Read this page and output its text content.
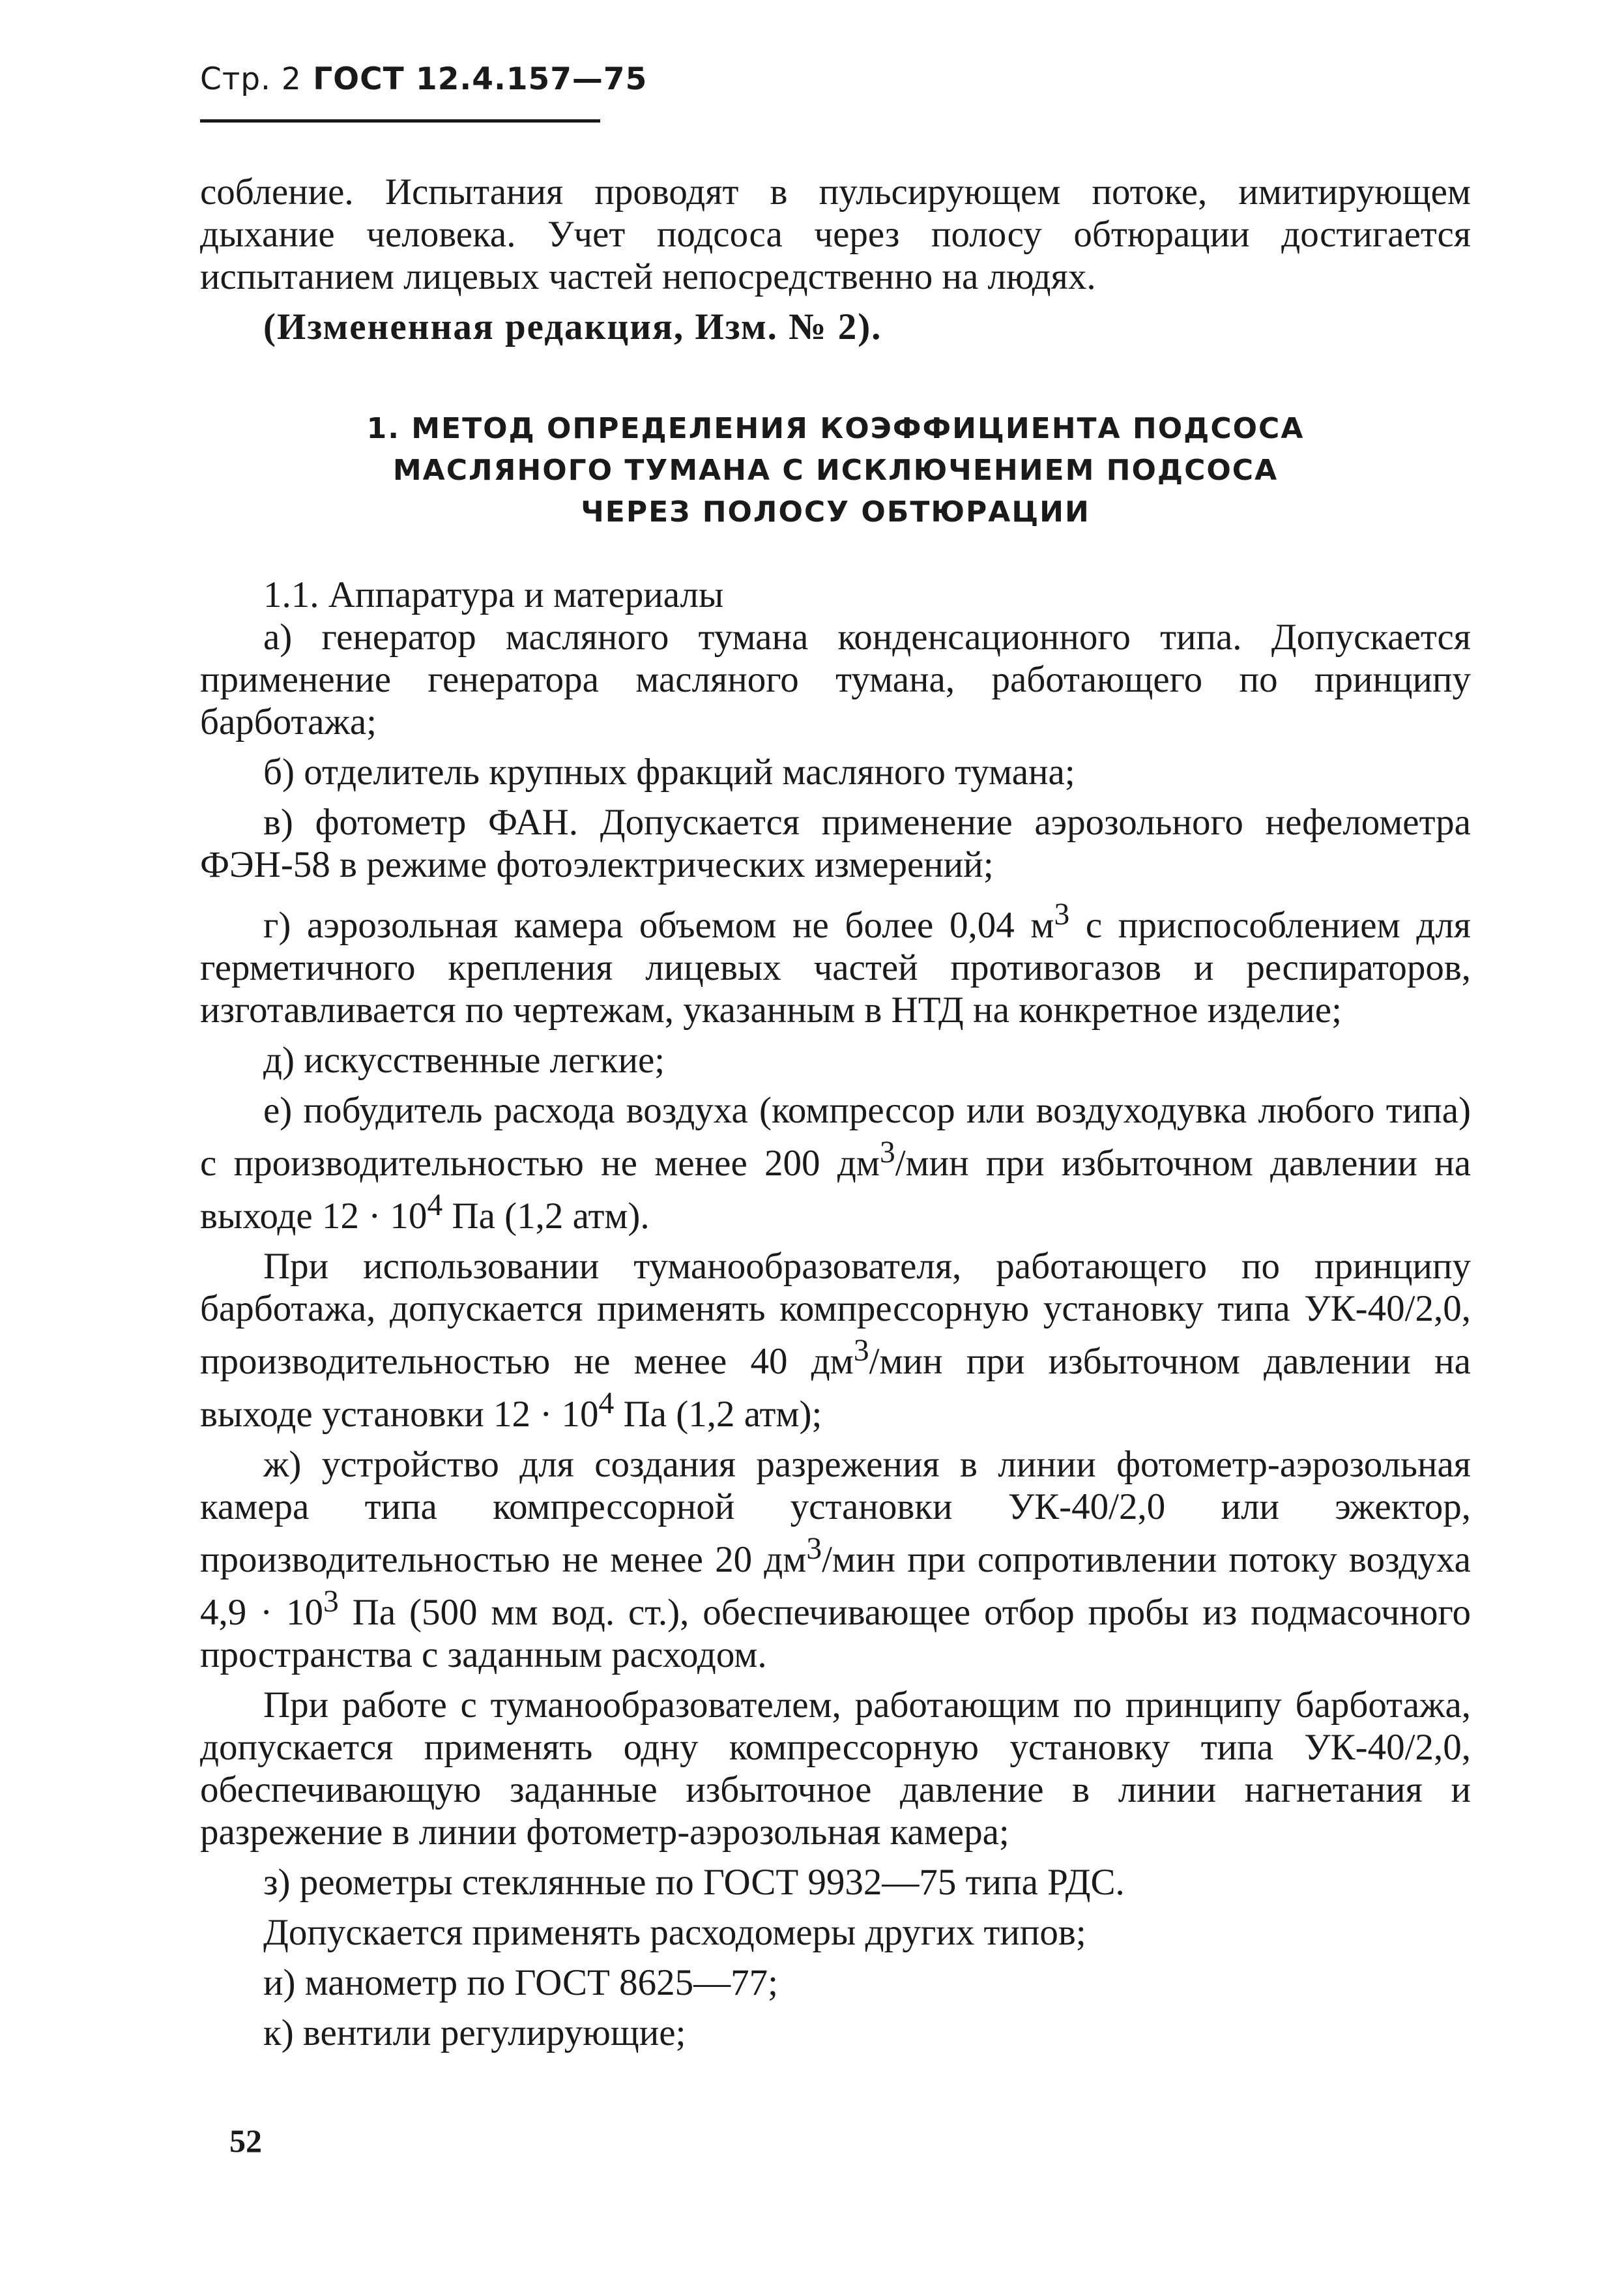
Стр. 2 ГОСТ 12.4.157—75

собление. Испытания проводят в пульсирующем потоке, имитирующем дыхание человека. Учет подсоса через полосу обтюрации достигается испытанием лицевых частей непосредственно на людях.

(Измененная редакция, Изм. № 2).

1. МЕТОД ОПРЕДЕЛЕНИЯ КОЭФФИЦИЕНТА ПОДСОСА
МАСЛЯНОГО ТУМАНА С ИСКЛЮЧЕНИЕМ ПОДСОСА
ЧЕРЕЗ ПОЛОСУ ОБТЮРАЦИИ

1.1. Аппаратура и материалы

а) генератор масляного тумана конденсационного типа. Допускается применение генератора масляного тумана, работающего по принципу барботажа;

б) отделитель крупных фракций масляного тумана;

в) фотометр ФАН. Допускается применение аэрозольного нефелометра ФЭН-58 в режиме фотоэлектрических измерений;

г) аэрозольная камера объемом не более 0,04 $м^3$ с приспособлением для герметичного крепления лицевых частей противогазов и респираторов, изготавливается по чертежам, указанным в НТД на конкретное изделие;

д) искусственные легкие;

е) побудитель расхода воздуха (компрессор или воздуходувка любого типа) с производительностью не менее 200 $дм^3$/мин при избыточном давлении на выходе $12 \cdot 10^4$ Па (1,2 атм).

При использовании туманообразователя, работающего по принципу барботажа, допускается применять компрессорную установку типа УК-40/2,0, производительностью не менее 40 $дм^3$/мин при избыточном давлении на выходе установки $12 \cdot 10^4$ Па (1,2 атм);

ж) устройство для создания разрежения в линии фотометр-аэрозольная камера типа компрессорной установки УК-40/2,0 или эжектор, производительностью не менее 20 $дм^3$/мин при сопротивлении потоку воздуха $4,9 \cdot 10^3$ Па (500 мм вод. ст.), обеспечивающее отбор пробы из подмасочного пространства с заданным расходом.

При работе с туманообразователем, работающим по принципу барботажа, допускается применять одну компрессорную установку типа УК-40/2,0, обеспечивающую заданные избыточное давление в линии нагнетания и разрежение в линии фотометр-аэрозольная камера;

з) реометры стеклянные по ГОСТ 9932—75 типа РДС.

Допускается применять расходомеры других типов;

и) манометр по ГОСТ 8625—77;

к) вентили регулирующие;

52
